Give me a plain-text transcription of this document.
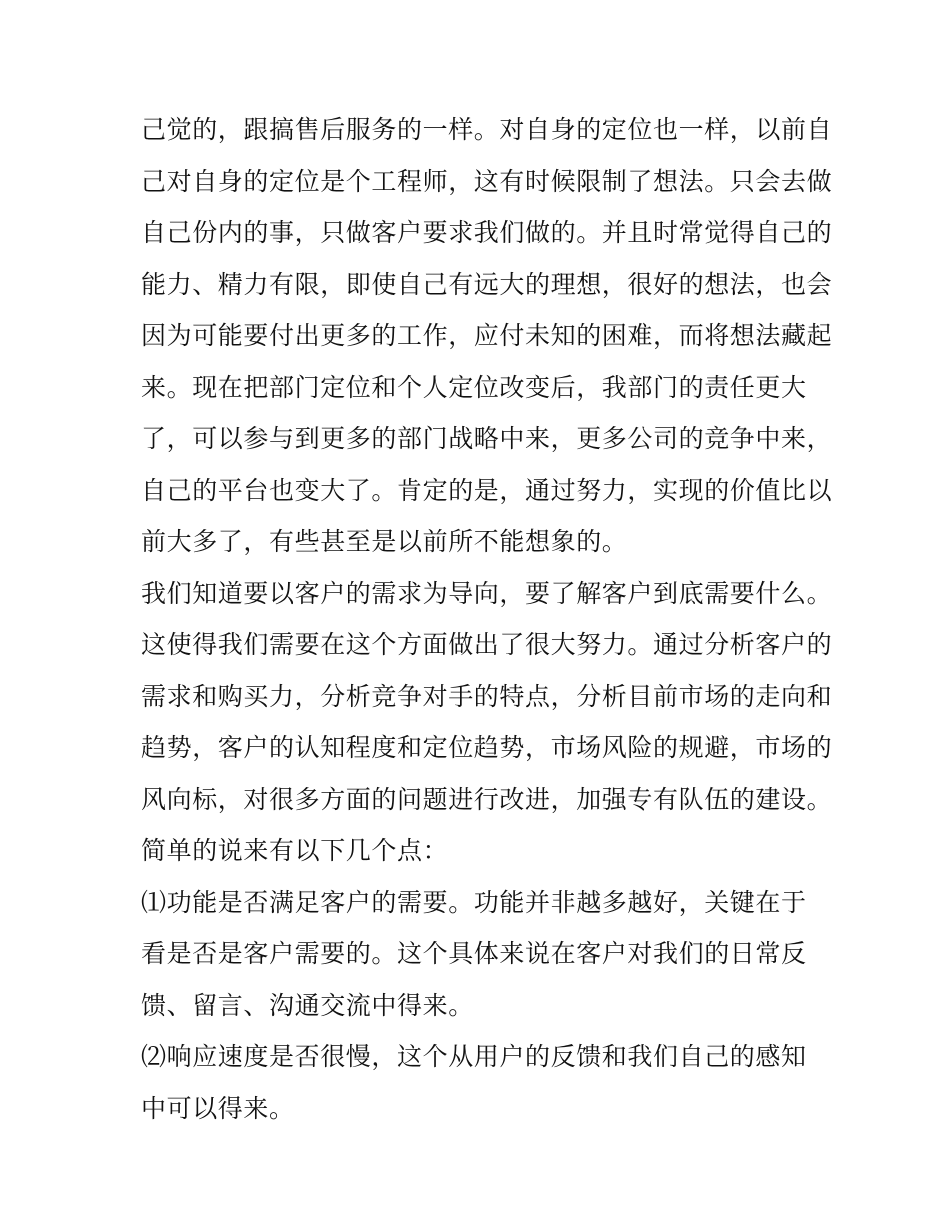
己觉的，跟搞售后服务的一样。对自身的定位也一样，以前自
己对自身的定位是个工程师，这有时候限制了想法。只会去做
自己份内的事，只做客户要求我们做的。并且时常觉得自己的
能力、精力有限，即使自己有远大的理想，很好的想法，也会
因为可能要付出更多的工作，应付未知的困难，而将想法藏起
来。现在把部门定位和个人定位改变后，我部门的责任更大
了，可以参与到更多的部门战略中来，更多公司的竞争中来，
自己的平台也变大了。肯定的是，通过努力，实现的价值比以
前大多了，有些甚至是以前所不能想象的。
我们知道要以客户的需求为导向，要了解客户到底需要什么。
这使得我们需要在这个方面做出了很大努力。通过分析客户的
需求和购买力，分析竞争对手的特点，分析目前市场的走向和
趋势，客户的认知程度和定位趋势，市场风险的规避，市场的
风向标，对很多方面的问题进行改进，加强专有队伍的建设。
简单的说来有以下几个点：
⑴功能是否满足客户的需要。功能并非越多越好，关键在于
看是否是客户需要的。这个具体来说在客户对我们的日常反
馈、留言、沟通交流中得来。
⑵响应速度是否很慢，这个从用户的反馈和我们自己的感知
中可以得来。
